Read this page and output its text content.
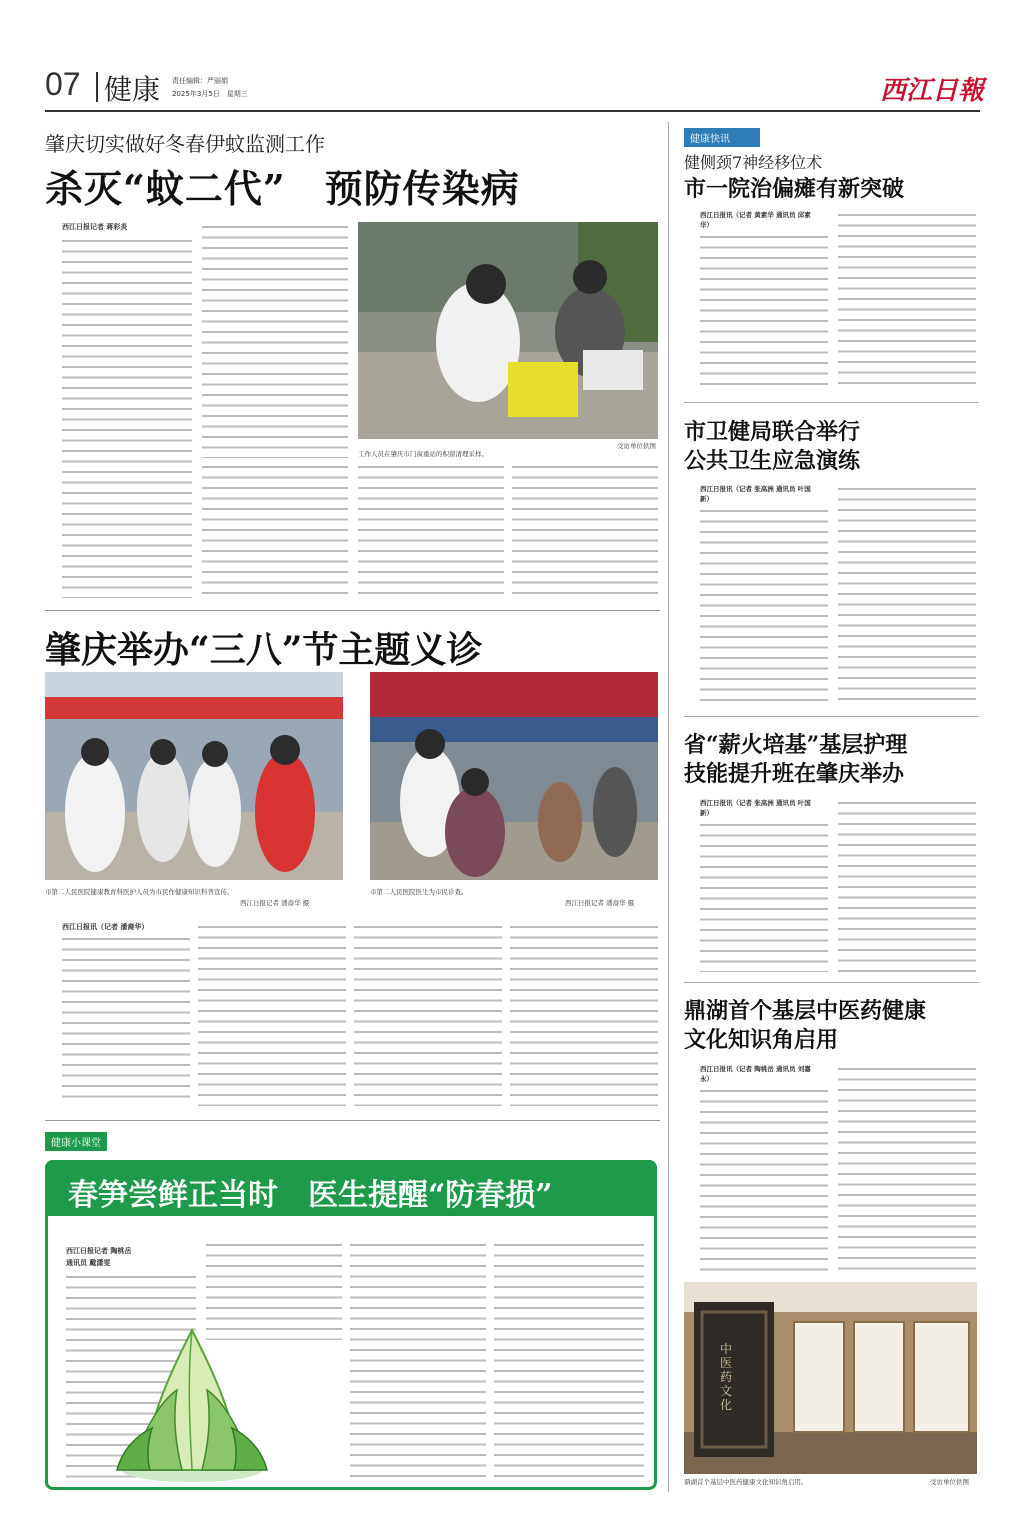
07 健康 责任编辑：严丽娟
2025年3月5日　星期三	西江日報
肇庆切实做好冬春伊蚊监测工作
杀灭“蚊二代”　预防传染病
西江日报记者 蒋彩炎
工作人员在肇庆市门窗重站的积留清理采样。
受访单位供图
肇庆举办“三八”节主题义诊
市第二人民医院健康教育科医护人员为市民作健康知识科普宣传。
西江日报记者 潘裔华 摄
市第二人民医院医生为市民诊查。
西江日报记者 潘裔华 摄
西江日报讯（记者 潘裔华）
健康小课堂
春笋尝鲜正当时　医生提醒“防春损”
西江日报记者 陶桃岳
通讯员 戴潇雯
健康快讯
健侧颈7神经移位术
市一院治偏瘫有新突破
西江日报讯（记者 黄素华 通讯员 邱素华）
市卫健局联合举行
公共卫生应急演练
西江日报讯（记者 张高洲 通讯员 叶国新）
省“薪火培基”基层护理
技能提升班在肇庆举办
西江日报讯（记者 张高洲 通讯员 叶国新）
鼎湖首个基层中医药健康
文化知识角启用
西江日报讯（记者 陶桃岳 通讯员 刘嘉永）
中医药文化
鼎湖首个基层中医药健康文化知识角启用。	受访单位供图
